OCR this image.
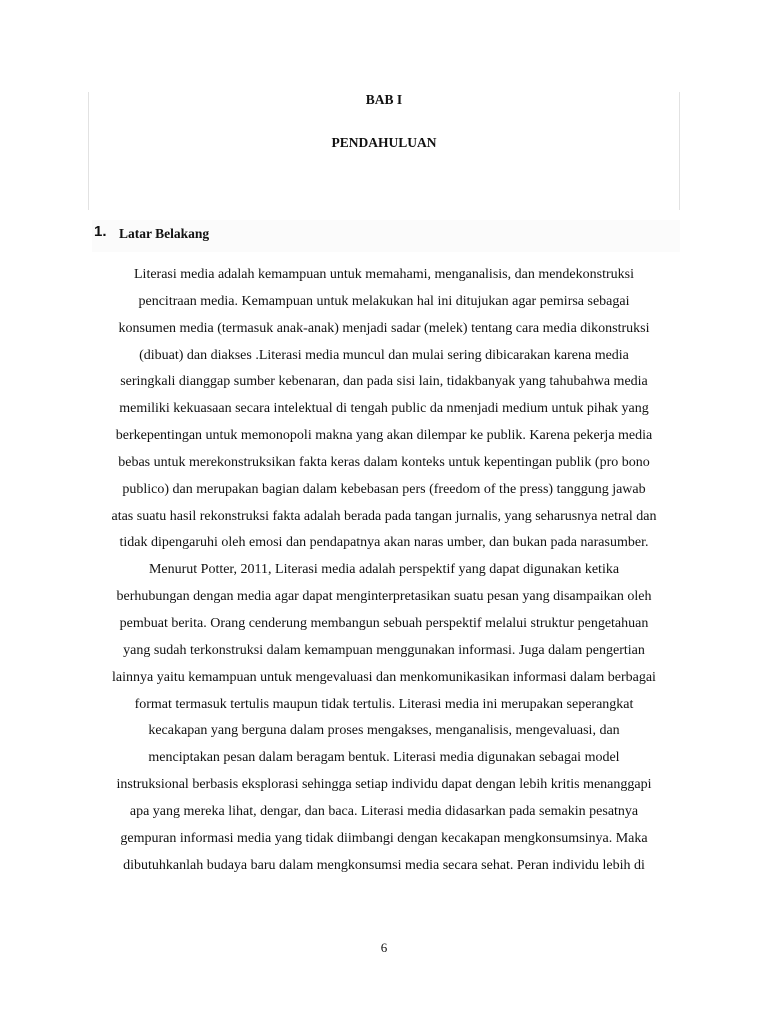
BAB I

PENDAHULUAN

1. Latar Belakang
Literasi media adalah kemampuan untuk memahami, menganalisis, dan mendekonstruksi
pencitraan media. Kemampuan untuk melakukan hal ini ditujukan agar pemirsa sebagai
konsumen media (termasuk anak-anak) menjadi sadar (melek) tentang cara media dikonstruksi
(dibuat) dan diakses .Literasi media muncul dan mulai sering dibicarakan karena media
seringkali dianggap sumber kebenaran, dan pada sisi lain, tidakbanyak yang tahubahwa media
memiliki kekuasaan secara intelektual di tengah public da nmenjadi medium untuk pihak yang
berkepentingan untuk memonopoli makna yang akan dilempar ke publik. Karena pekerja media
bebas untuk merekonstruksikan fakta keras dalam konteks untuk kepentingan publik (pro bono
publico) dan merupakan bagian dalam kebebasan pers (freedom of the press) tanggung jawab
atas suatu hasil rekonstruksi fakta adalah berada pada tangan jurnalis, yang seharusnya netral dan
tidak dipengaruhi oleh emosi dan pendapatnya akan naras umber, dan bukan pada narasumber.
Menurut Potter, 2011, Literasi media adalah perspektif yang dapat digunakan ketika
berhubungan dengan media agar dapat menginterpretasikan suatu pesan yang disampaikan oleh
pembuat berita. Orang cenderung membangun sebuah perspektif melalui struktur pengetahuan
yang sudah terkonstruksi dalam kemampuan menggunakan informasi. Juga dalam pengertian
lainnya yaitu kemampuan untuk mengevaluasi dan menkomunikasikan informasi dalam berbagai
format termasuk tertulis maupun tidak tertulis. Literasi media ini merupakan seperangkat
kecakapan yang berguna dalam proses mengakses, menganalisis, mengevaluasi, dan
menciptakan pesan dalam beragam bentuk. Literasi media digunakan sebagai model
instruksional berbasis eksplorasi sehingga setiap individu dapat dengan lebih kritis menanggapi
apa yang mereka lihat, dengar, dan baca. Literasi media didasarkan pada semakin pesatnya
gempuran informasi media yang tidak diimbangi dengan kecakapan mengkonsumsinya. Maka
dibutuhkanlah budaya baru dalam mengkonsumsi media secara sehat. Peran individu lebih di

6
